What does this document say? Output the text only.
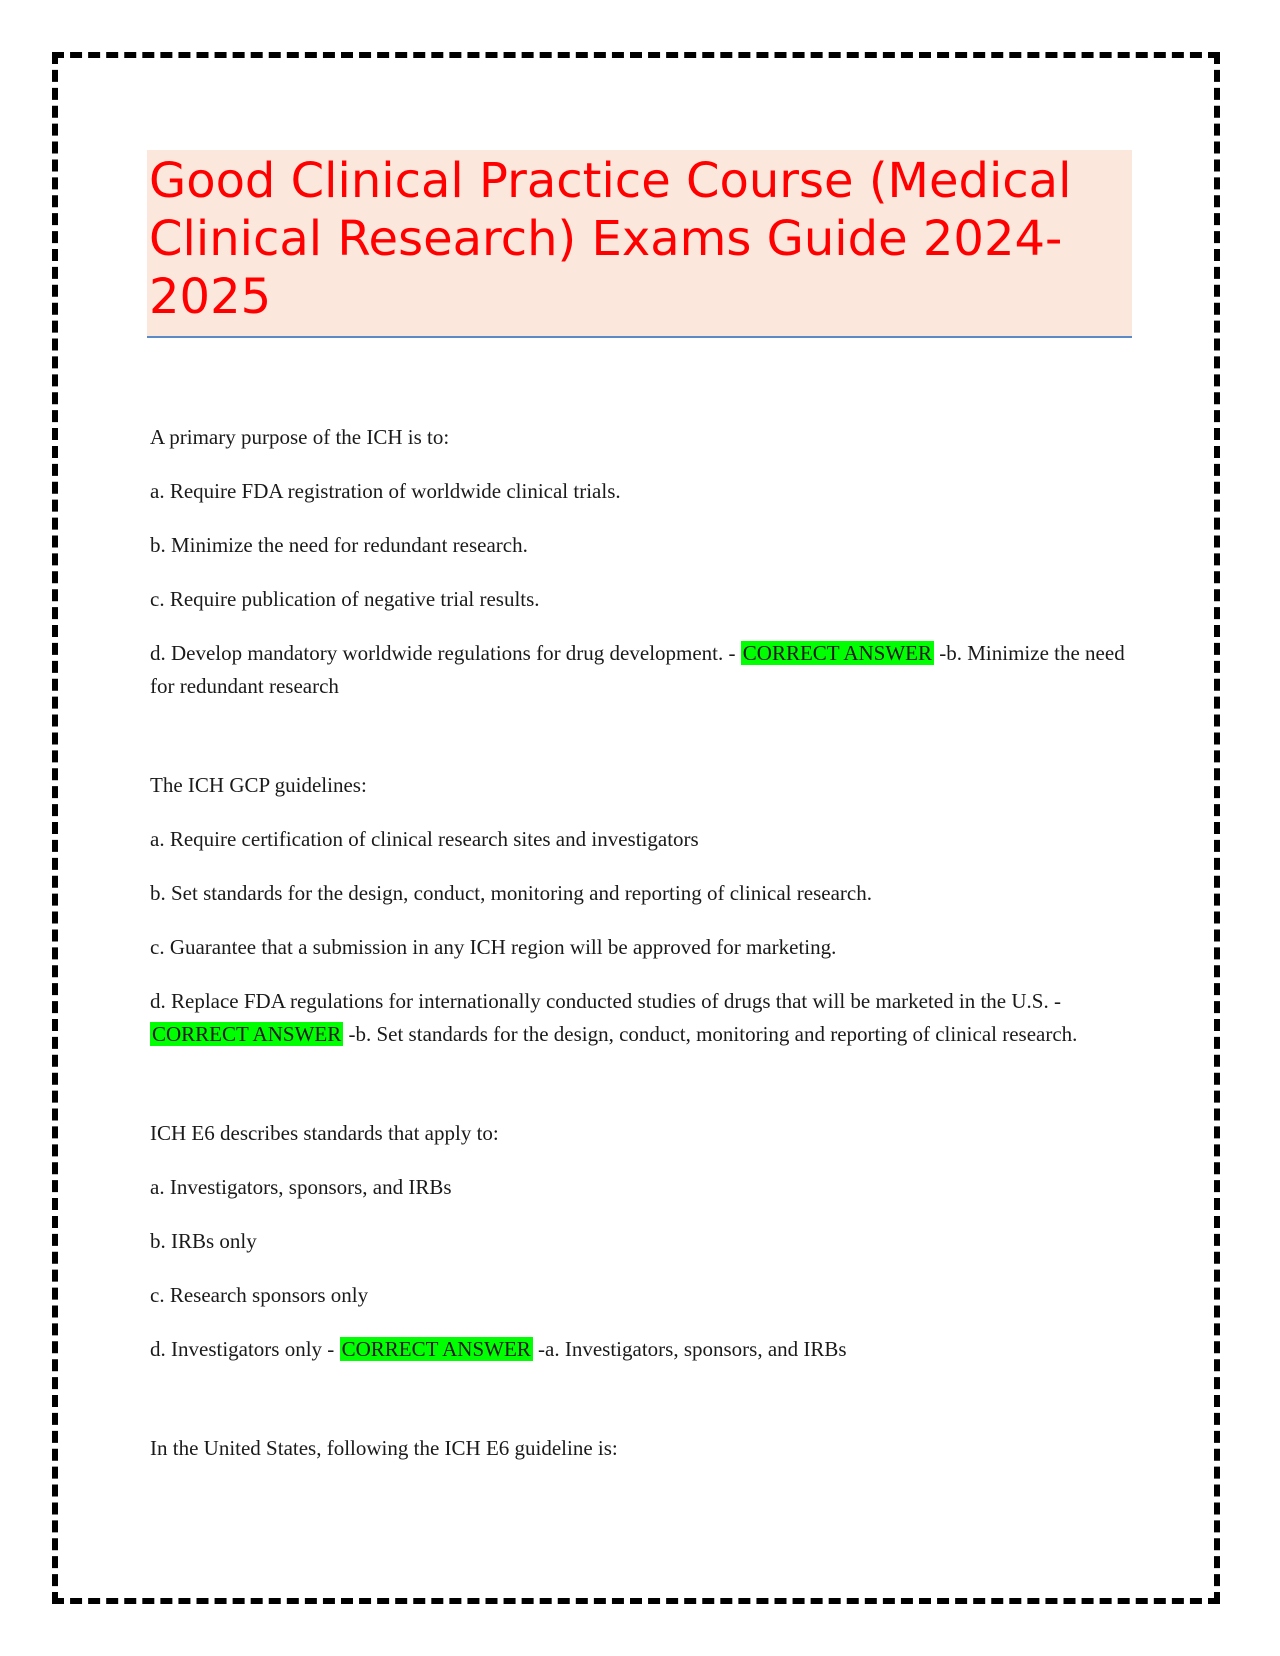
Good Clinical Practice Course (Medical Clinical Research) Exams Guide 2024-2025

A primary purpose of the ICH is to:

a. Require FDA registration of worldwide clinical trials.

b. Minimize the need for redundant research.

c. Require publication of negative trial results.

d. Develop mandatory worldwide regulations for drug development. - CORRECT ANSWER -b. Minimize the need for redundant research

The ICH GCP guidelines:

a. Require certification of clinical research sites and investigators

b. Set standards for the design, conduct, monitoring and reporting of clinical research.

c. Guarantee that a submission in any ICH region will be approved for marketing.

d. Replace FDA regulations for internationally conducted studies of drugs that will be marketed in the U.S. - CORRECT ANSWER -b. Set standards for the design, conduct, monitoring and reporting of clinical research.

ICH E6 describes standards that apply to:

a. Investigators, sponsors, and IRBs

b. IRBs only

c. Research sponsors only

d. Investigators only - CORRECT ANSWER -a. Investigators, sponsors, and IRBs

In the United States, following the ICH E6 guideline is:
